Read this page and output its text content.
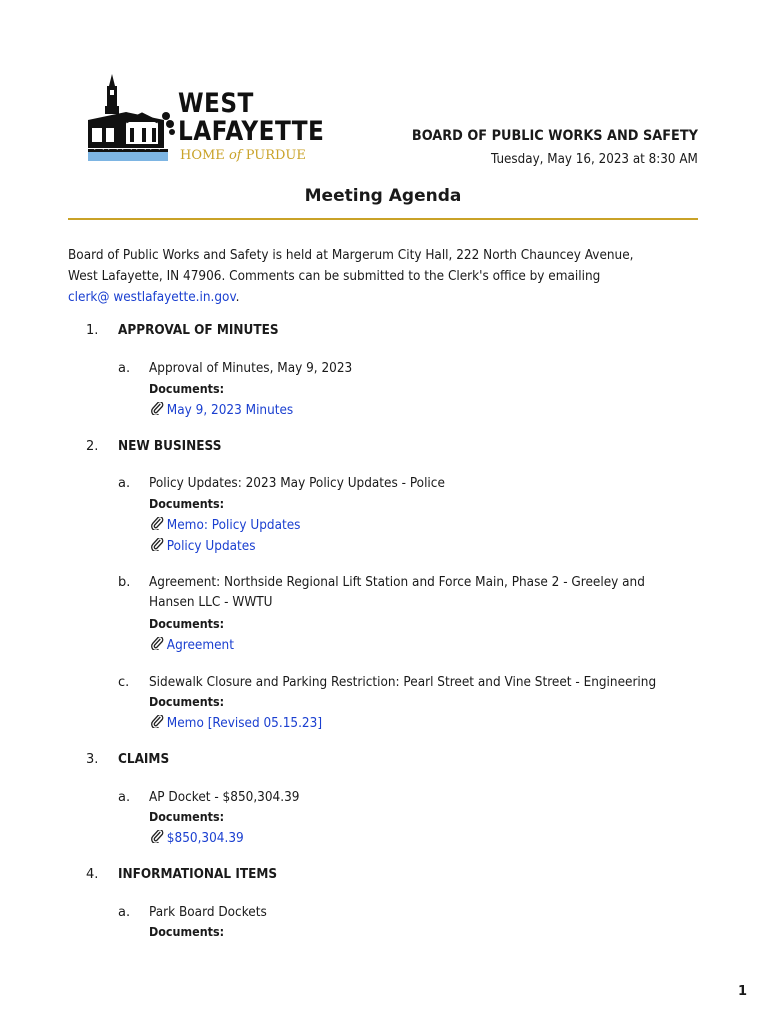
WEST
LAFAYETTE
HOME of PURDUE
BOARD OF PUBLIC WORKS AND SAFETY
Tuesday, May 16, 2023 at 8:30 AM
Meeting Agenda
Board of Public Works and Safety is held at Margerum City Hall, 222 North Chauncey Avenue, West Lafayette, IN 47906. Comments can be submitted to the Clerk's office by emailing
clerk@ westlafayette.in.gov.
1. APPROVAL OF MINUTES
a. Approval of Minutes, May 9, 2023
Documents:
May 9, 2023 Minutes
2. NEW BUSINESS
a. Policy Updates: 2023 May Policy Updates - Police
Documents:
Memo: Policy Updates
Policy Updates
b. Agreement: Northside Regional Lift Station and Force Main, Phase 2 - Greeley and Hansen LLC - WWTU
Documents:
Agreement
c. Sidewalk Closure and Parking Restriction: Pearl Street and Vine Street - Engineering
Documents:
Memo [Revised 05.15.23]
3. CLAIMS
a. AP Docket - $850,304.39
Documents:
$850,304.39
4. INFORMATIONAL ITEMS
a. Park Board Dockets
Documents:
1
